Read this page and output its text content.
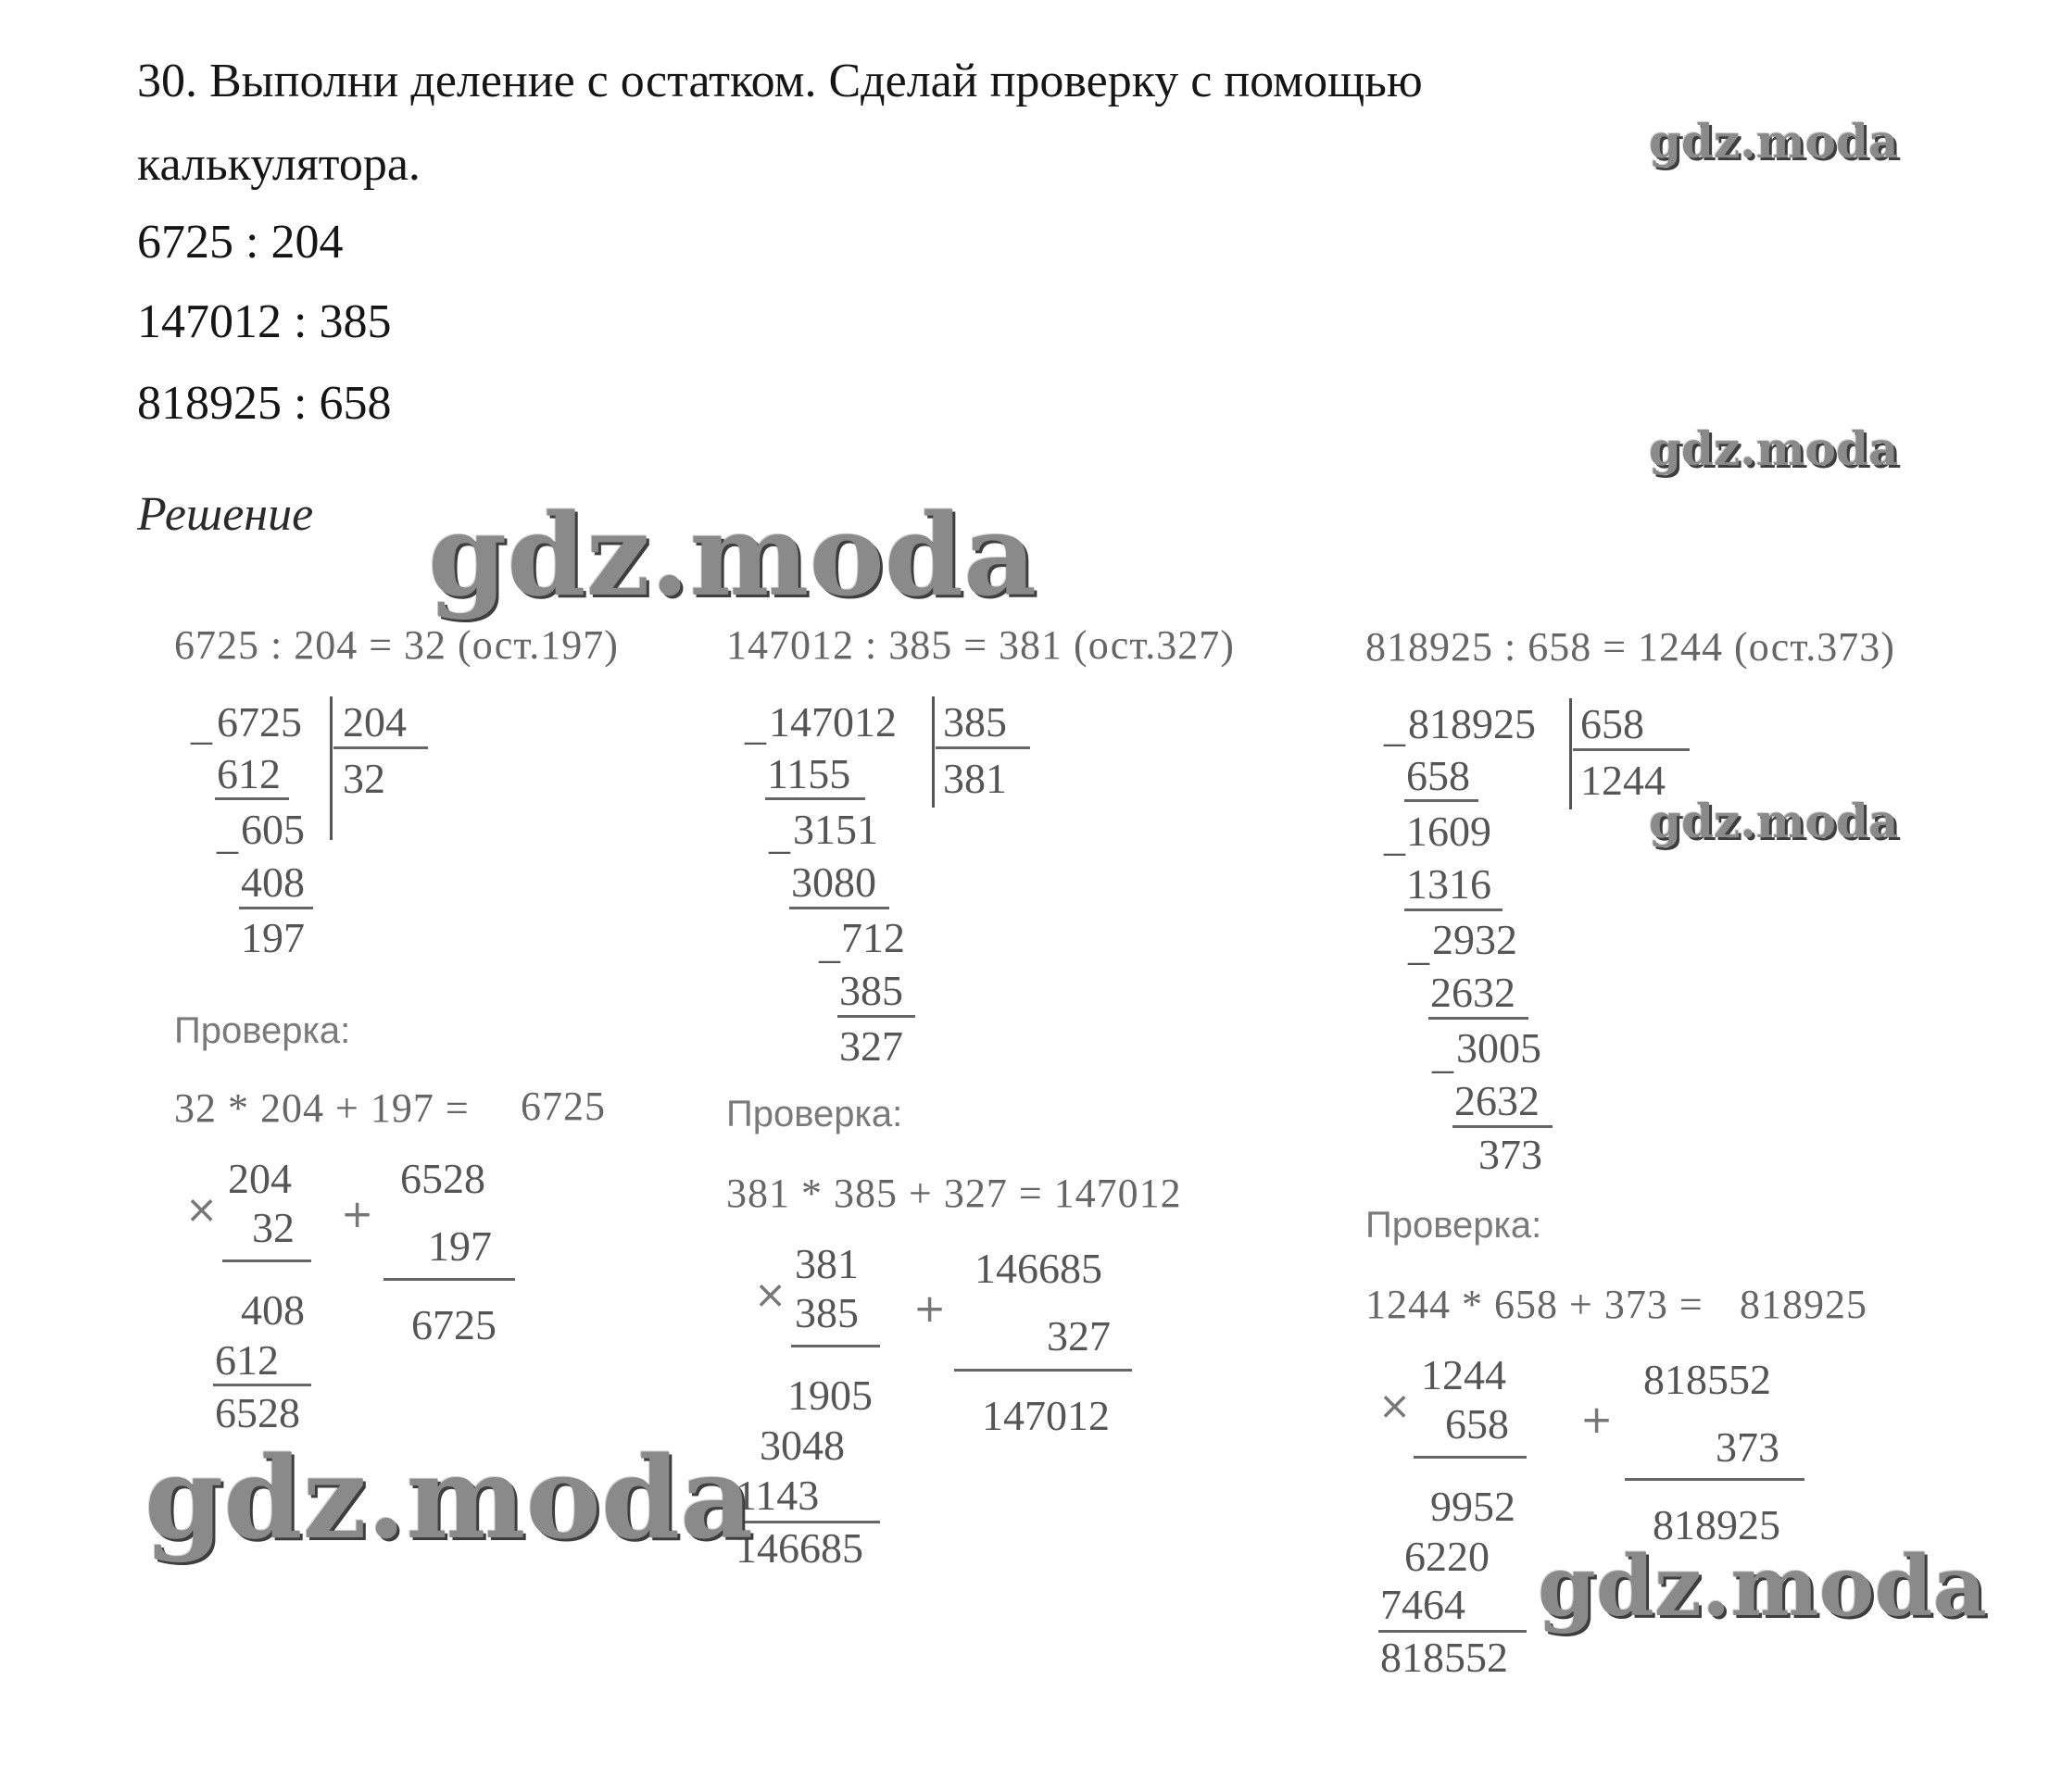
30. Выполни деление с остатком. Сделай проверку с помощью
калькулятора.
6725 : 204
147012 : 385
818925 : 658
Решение
6725 : 204 = 32 (ост.197)
_ 6725 204
32
612
_ 605
408
197
Проверка:
32 * 204 + 197 = 6725
×
204
32
408
612
6528
+
6528
197
6725
147012 : 385 = 381 (ост.327)
_ 147012 385
381
1155
_ 3151
3080
_ 712
385
327
Проверка:
381 * 385 + 327 = 147012
×
381
385
1905
3048
1143
146685
+
146685
327
147012
818925 : 658 = 1244 (ост.373)
_ 818925 658
1244
658
_ 1609
1316
_ 2932
2632
_ 3005
2632
373
Проверка:
1244 * 658 + 373 = 818925
×
1244
658
9952
6220
7464
818552
+
818552
373
818925
gdz.moda
gdz.moda
gdz.moda
gdz.moda
gdz.moda
gdz.moda
